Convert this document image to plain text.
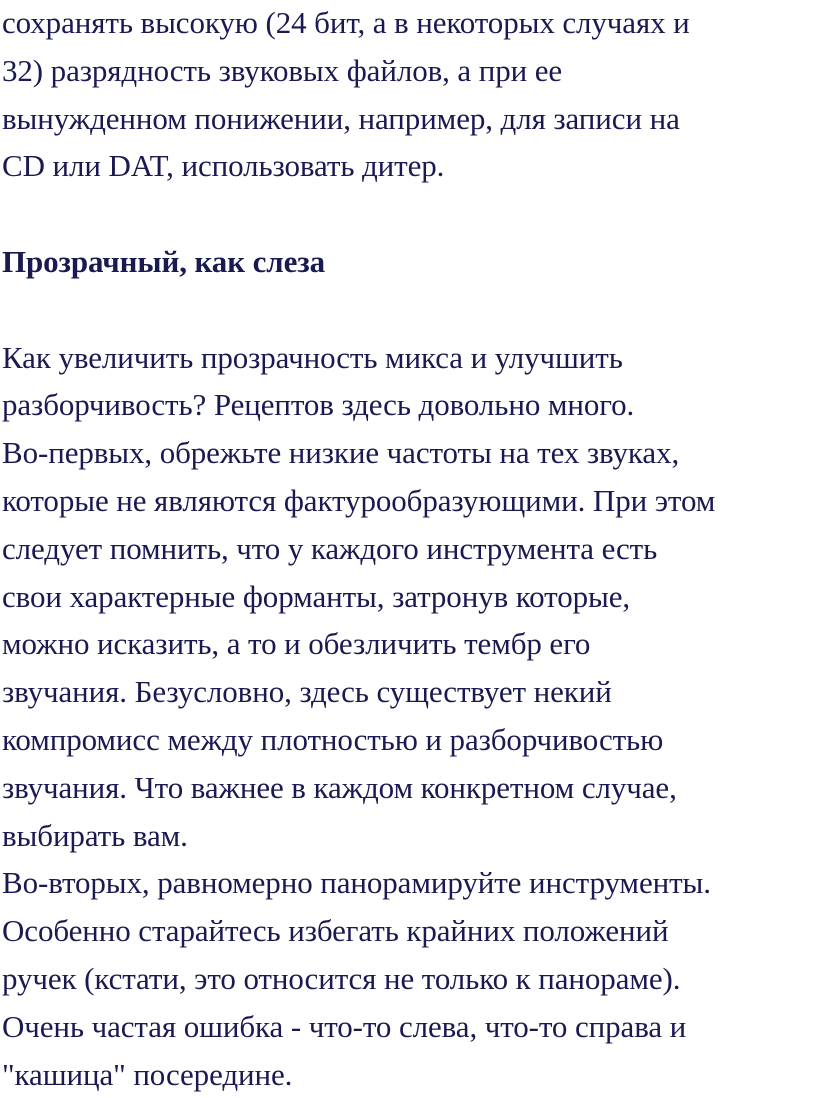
сохранять высокую (24 бит, а в некоторых случаях и
32) разрядность звуковых файлов, а при ее
вынужденном понижении, например, для записи на
CD или DAT, использовать дитер.
Прозрачный, как слеза
Как увеличить прозрачность микса и улучшить
разборчивость? Рецептов здесь довольно много.
Во-первых, обрежьте низкие частоты на тех звуках,
которые не являются фактурообразующими. При этом
следует помнить, что у каждого инструмента есть
свои характерные форманты, затронув которые,
можно исказить, а то и обезличить тембр его
звучания. Безусловно, здесь существует некий
компромисс между плотностью и разборчивостью
звучания. Что важнее в каждом конкретном случае,
выбирать вам.
Во-вторых, равномерно панорамируйте инструменты.
Особенно старайтесь избегать крайних положений
ручек (кстати, это относится не только к панораме).
Очень частая ошибка - что-то слева, что-то справа и
"кашица" посередине.
